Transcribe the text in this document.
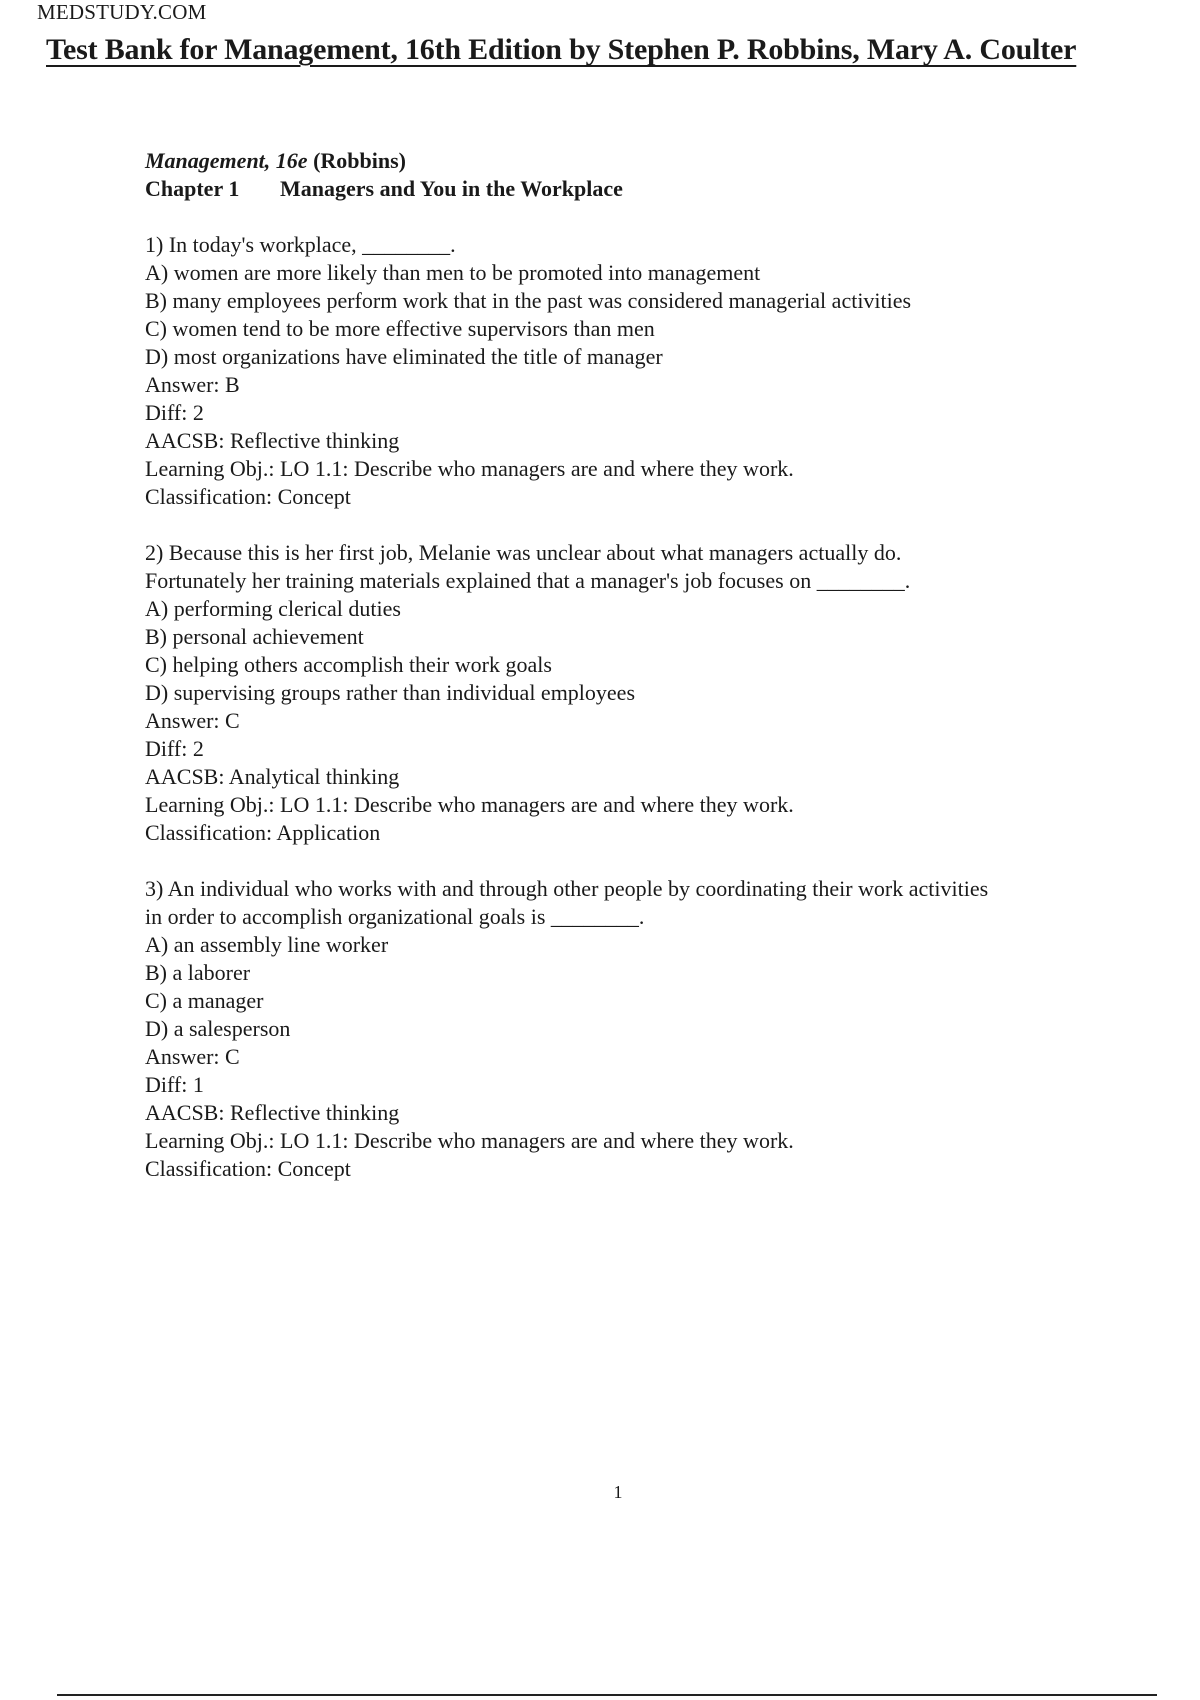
MEDSTUDY.COM
Test Bank for Management, 16th Edition by Stephen P. Robbins, Mary A. Coulter
Management, 16e (Robbins)
Chapter 1 Managers and You in the Workplace
1) In today's workplace, ________.
A) women are more likely than men to be promoted into management
B) many employees perform work that in the past was considered managerial activities
C) women tend to be more effective supervisors than men
D) most organizations have eliminated the title of manager
Answer: B
Diff: 2
AACSB: Reflective thinking
Learning Obj.: LO 1.1: Describe who managers are and where they work.
Classification: Concept
2) Because this is her first job, Melanie was unclear about what managers actually do.
Fortunately her training materials explained that a manager's job focuses on ________.
A) performing clerical duties
B) personal achievement
C) helping others accomplish their work goals
D) supervising groups rather than individual employees
Answer: C
Diff: 2
AACSB: Analytical thinking
Learning Obj.: LO 1.1: Describe who managers are and where they work.
Classification: Application
3) An individual who works with and through other people by coordinating their work activities
in order to accomplish organizational goals is ________.
A) an assembly line worker
B) a laborer
C) a manager
D) a salesperson
Answer: C
Diff: 1
AACSB: Reflective thinking
Learning Obj.: LO 1.1: Describe who managers are and where they work.
Classification: Concept
1
